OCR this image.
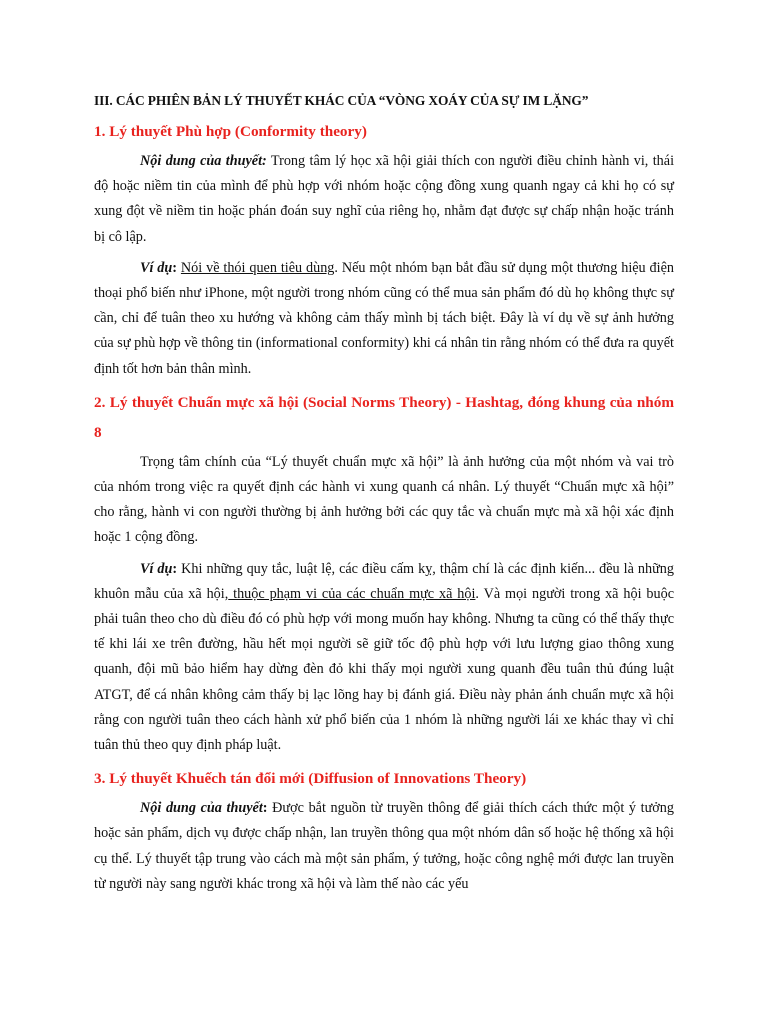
III. CÁC PHIÊN BẢN LÝ THUYẾT KHÁC CỦA “VÒNG XOÁY CỦA SỰ IM LẶNG”
1. Lý thuyết Phù hợp (Conformity theory)

Nội dung của thuyết: Trong tâm lý học xã hội giải thích con người điều chỉnh hành vi, thái độ hoặc niềm tin của mình để phù hợp với nhóm hoặc cộng đồng xung quanh ngay cả khi họ có sự xung đột về niềm tin hoặc phán đoán suy nghĩ của riêng họ, nhằm đạt được sự chấp nhận hoặc tránh bị cô lập.

Ví dụ: Nói về thói quen tiêu dùng. Nếu một nhóm bạn bắt đầu sử dụng một thương hiệu điện thoại phổ biến như iPhone, một người trong nhóm cũng có thể mua sản phẩm đó dù họ không thực sự cần, chỉ để tuân theo xu hướng và không cảm thấy mình bị tách biệt. Đây là ví dụ về sự ảnh hưởng của sự phù hợp về thông tin (informational conformity) khi cá nhân tin rằng nhóm có thể đưa ra quyết định tốt hơn bản thân mình.

2. Lý thuyết Chuẩn mực xã hội (Social Norms Theory) - Hashtag, đóng khung của nhóm 8

Trọng tâm chính của “Lý thuyết chuẩn mực xã hội” là ảnh hưởng của một nhóm và vai trò của nhóm trong việc ra quyết định các hành vi xung quanh cá nhân. Lý thuyết “Chuẩn mực xã hội” cho rằng, hành vi con người thường bị ảnh hưởng bởi các quy tắc và chuẩn mực mà xã hội xác định hoặc 1 cộng đồng.

Ví dụ: Khi những quy tắc, luật lệ, các điều cấm kỵ, thậm chí là các định kiến... đều là những khuôn mẫu của xã hội, thuộc phạm vi của các chuẩn mực xã hội. Và mọi người trong xã hội buộc phải tuân theo cho dù điều đó có phù hợp với mong muốn hay không. Nhưng ta cũng có thể thấy thực tế khi lái xe trên đường, hầu hết mọi người sẽ giữ tốc độ phù hợp với lưu lượng giao thông xung quanh, đội mũ bảo hiểm hay dừng đèn đỏ khi thấy mọi người xung quanh đều tuân thủ đúng luật ATGT, để cá nhân không cảm thấy bị lạc lõng hay bị đánh giá. Điều này phản ánh chuẩn mực xã hội rằng con người tuân theo cách hành xử phổ biến của 1 nhóm là những người lái xe khác thay vì chỉ tuân thủ theo quy định pháp luật.

3. Lý thuyết Khuếch tán đổi mới (Diffusion of Innovations Theory)

Nội dung của thuyết: Được bắt nguồn từ truyền thông để giải thích cách thức một ý tưởng hoặc sản phẩm, dịch vụ được chấp nhận, lan truyền thông qua một nhóm dân số hoặc hệ thống xã hội cụ thể. Lý thuyết tập trung vào cách mà một sản phẩm, ý tưởng, hoặc công nghệ mới được lan truyền từ người này sang người khác trong xã hội và làm thế nào các yếu
